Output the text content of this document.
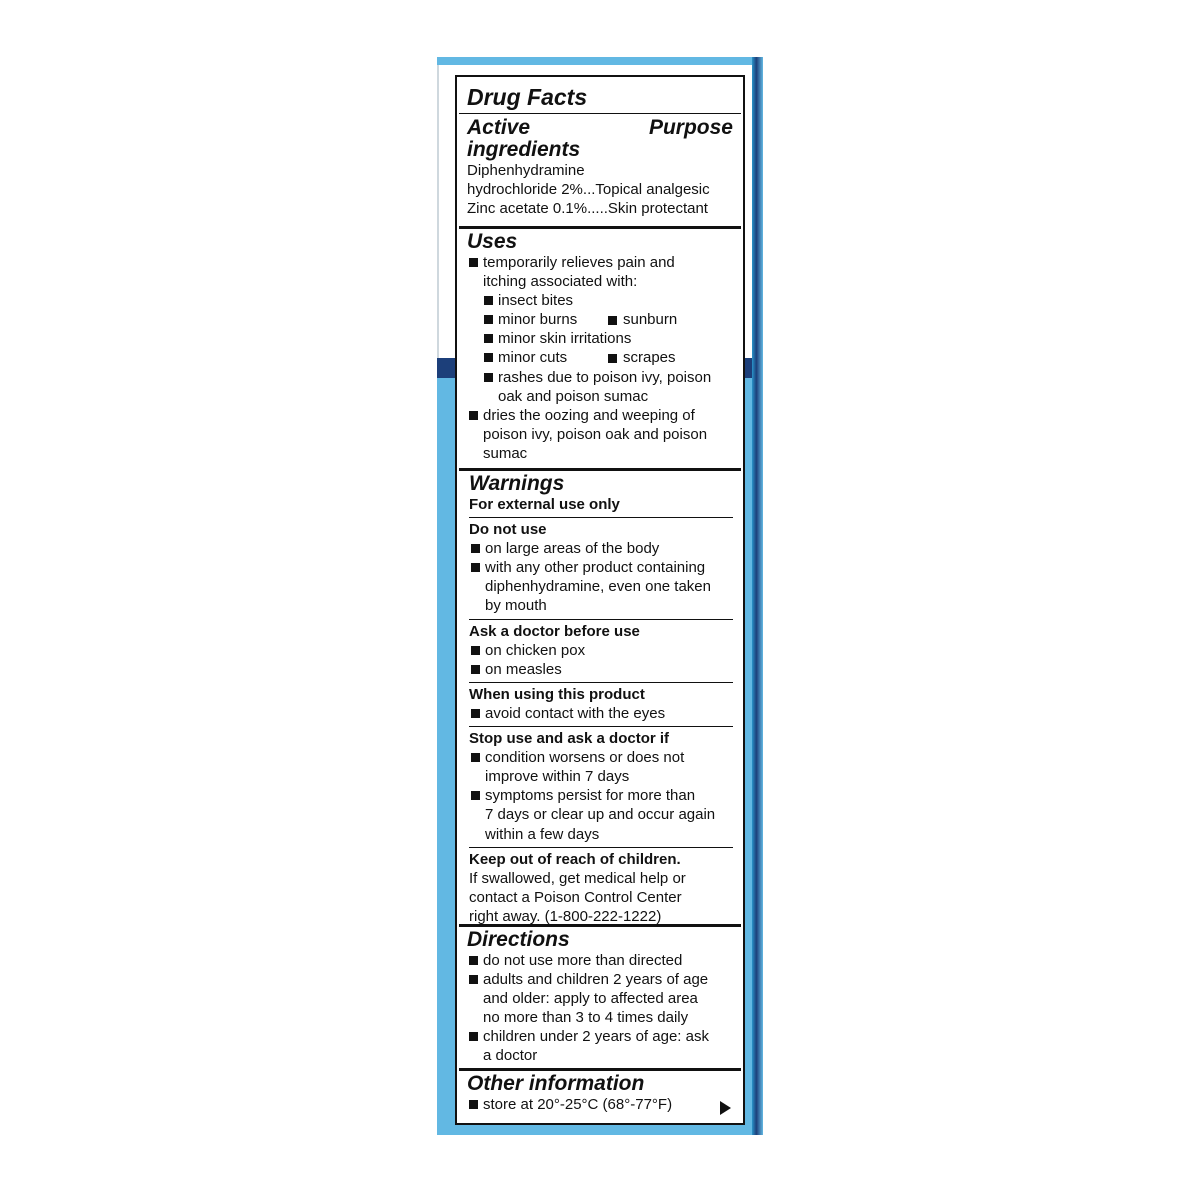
Drug Facts
Active
ingredients
Purpose
Diphenhydramine
hydrochloride 2%...Topical analgesic
Zinc acetate 0.1%.....Skin protectant
Uses
temporarily relieves pain and
itching associated with:
insect bites
minor burns	sunburn
minor skin irritations
minor cuts	scrapes
rashes due to poison ivy, poison
oak and poison sumac
dries the oozing and weeping of
poison ivy, poison oak and poison
sumac
Warnings
For external use only
Do not use
on large areas of the body
with any other product containing
diphenhydramine, even one taken
by mouth
Ask a doctor before use
on chicken pox
on measles
When using this product
avoid contact with the eyes
Stop use and ask a doctor if
condition worsens or does not
improve within 7 days
symptoms persist for more than
7 days or clear up and occur again
within a few days
Keep out of reach of children.
If swallowed, get medical help or
contact a Poison Control Center
right away. (1-800-222-1222)
Directions
do not use more than directed
adults and children 2 years of age
and older: apply to affected area
no more than 3 to 4 times daily
children under 2 years of age: ask
a doctor
Other information
store at 20°-25°C (68°-77°F)
